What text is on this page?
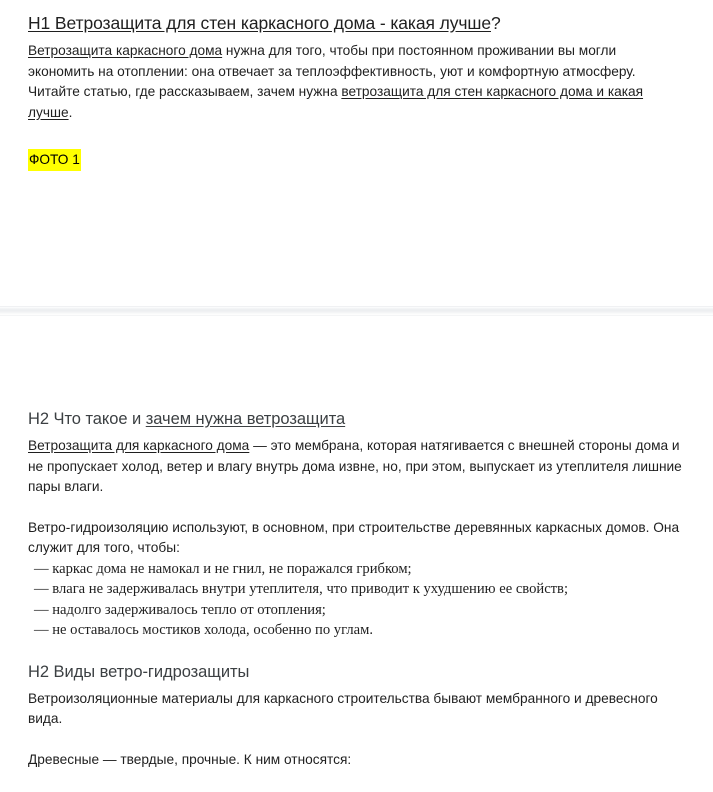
Н1 Ветрозащита для стен каркасного дома - какая лучше?

Ветрозащита каркасного дома нужна для того, чтобы при постоянном проживании вы могли экономить на отоплении: она отвечает за теплоэффективность, уют и комфортную атмосферу. Читайте статью, где рассказываем, зачем нужна ветрозащита для стен каркасного дома и какая лучше.

ФОТО 1

Н2 Что такое и зачем нужна ветрозащита

Ветрозащита для каркасного дома — это мембрана, которая натягивается с внешней стороны дома и не пропускает холод, ветер и влагу внутрь дома извне, но, при этом, выпускает из утеплителя лишние пары влаги.

Ветро-гидроизоляцию используют, в основном, при строительстве деревянных каркасных домов. Она служит для того, чтобы:

— каркас дома не намокал и не гнил, не поражался грибком;
— влага не задерживалась внутри утеплителя, что приводит к ухудшению ее свойств;
— надолго задерживалось тепло от отопления;
— не оставалось мостиков холода, особенно по углам.
Н2 Виды ветро-гидрозащиты

Ветроизоляционные материалы для каркасного строительства бывают мембранного и древесного вида.

Древесные — твердые, прочные. К ним относятся:
